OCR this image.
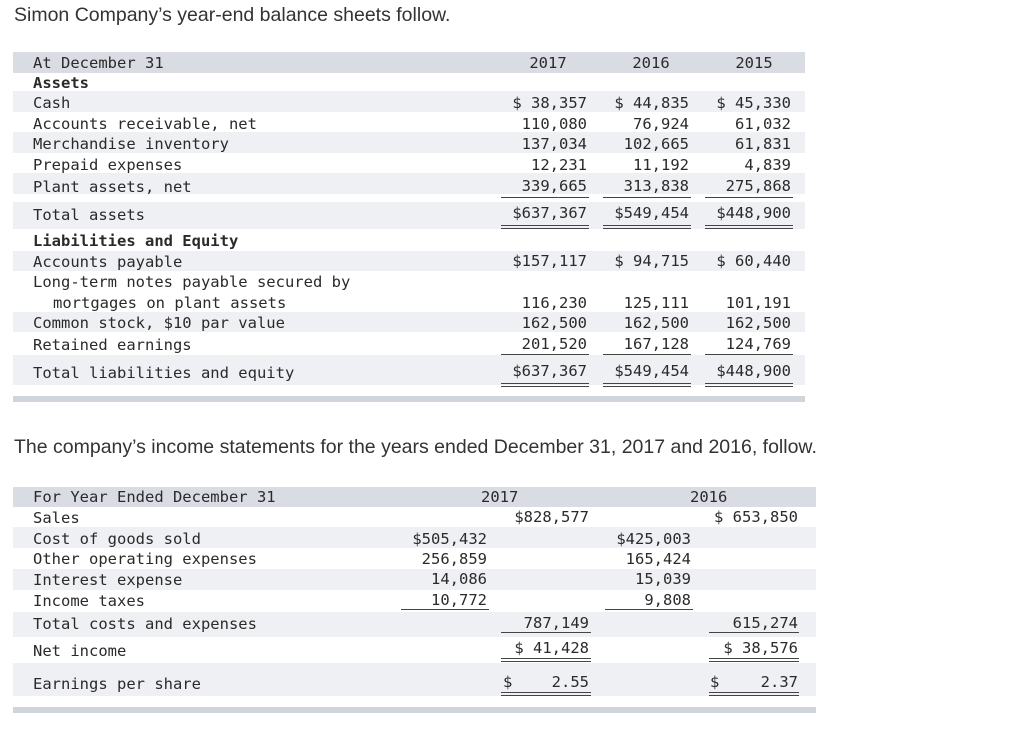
Simon Company’s year-end balance sheets follow.

At December 31	2017	2016	2015
Assets
Cash	$ 38,357	$ 44,835	$ 45,330
Accounts receivable, net	110,080	76,924	61,032
Merchandise inventory	137,034	102,665	61,831
Prepaid expenses	12,231	11,192	4,839
Plant assets, net	339,665	313,838	275,868
Total assets	$637,367	$549,454	$448,900
Liabilities and Equity
Accounts payable	$157,117	$ 94,715	$ 60,440
Long-term notes payable secured by
mortgages on plant assets	116,230	125,111	101,191
Common stock, $10 par value	162,500	162,500	162,500
Retained earnings	201,520	167,128	124,769
Total liabilities and equity	$637,367	$549,454	$448,900

The company’s income statements for the years ended December 31, 2017 and 2016, follow.

For Year Ended December 31	2017	2016
Sales	$828,577	$ 653,850
Cost of goods sold	$505,432	$425,003
Other operating expenses	256,859	165,424
Interest expense	14,086	15,039
Income taxes	10,772	9,808
Total costs and expenses	787,149	615,274
Net income	$ 41,428	$ 38,576
Earnings per share	$	2.55	$	2.37
